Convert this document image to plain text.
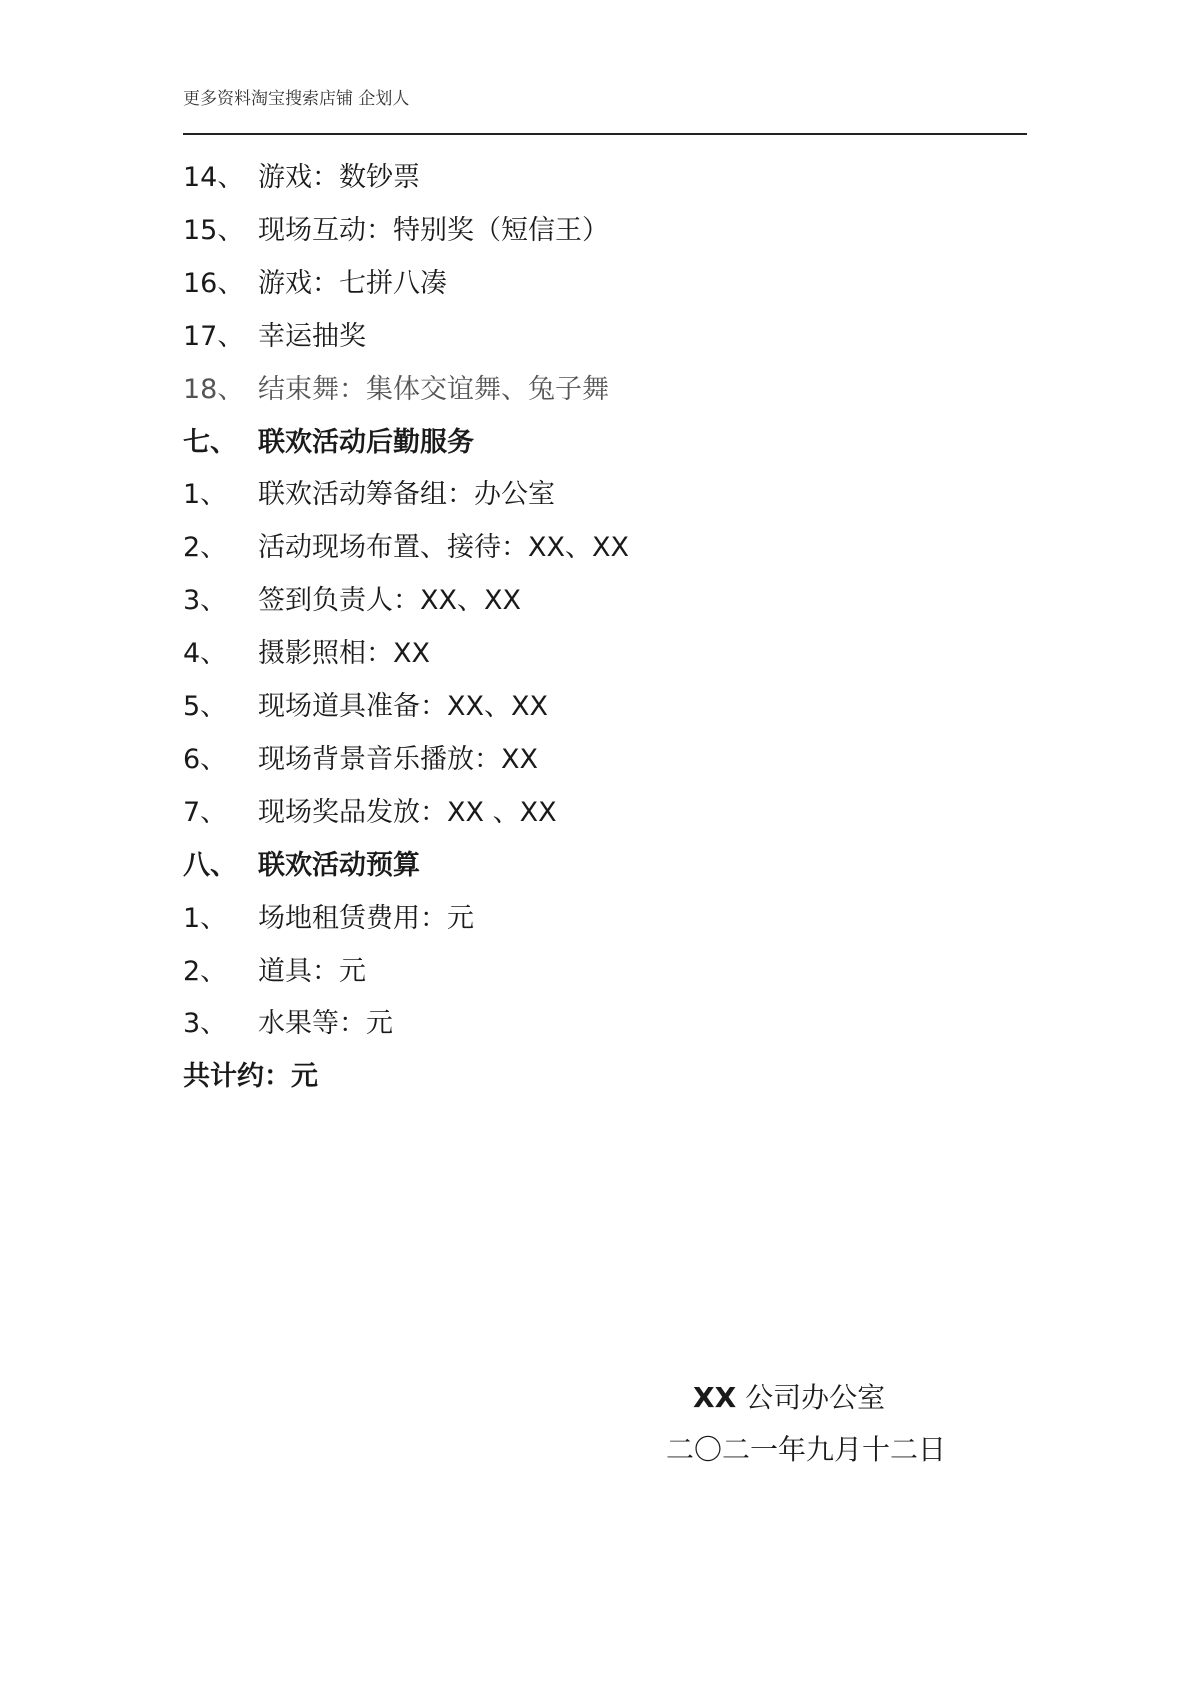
更多资料淘宝搜索店铺 企划人
14、 游戏：数钞票
15、 现场互动：特别奖（短信王）
16、 游戏：七拼八凑
17、 幸运抽奖
18、 结束舞：集体交谊舞、兔子舞
七、 联欢活动后勤服务
1、 联欢活动筹备组：办公室
2、 活动现场布置、接待：XX、XX
3、 签到负责人：XX、XX
4、 摄影照相：XX
5、 现场道具准备：XX、XX
6、 现场背景音乐播放：XX
7、 现场奖品发放：XX 、XX
八、 联欢活动预算
1、 场地租赁费用：元
2、 道具：元
3、 水果等：元
共计约：元
XX 公司办公室
二〇二一年九月十二日
